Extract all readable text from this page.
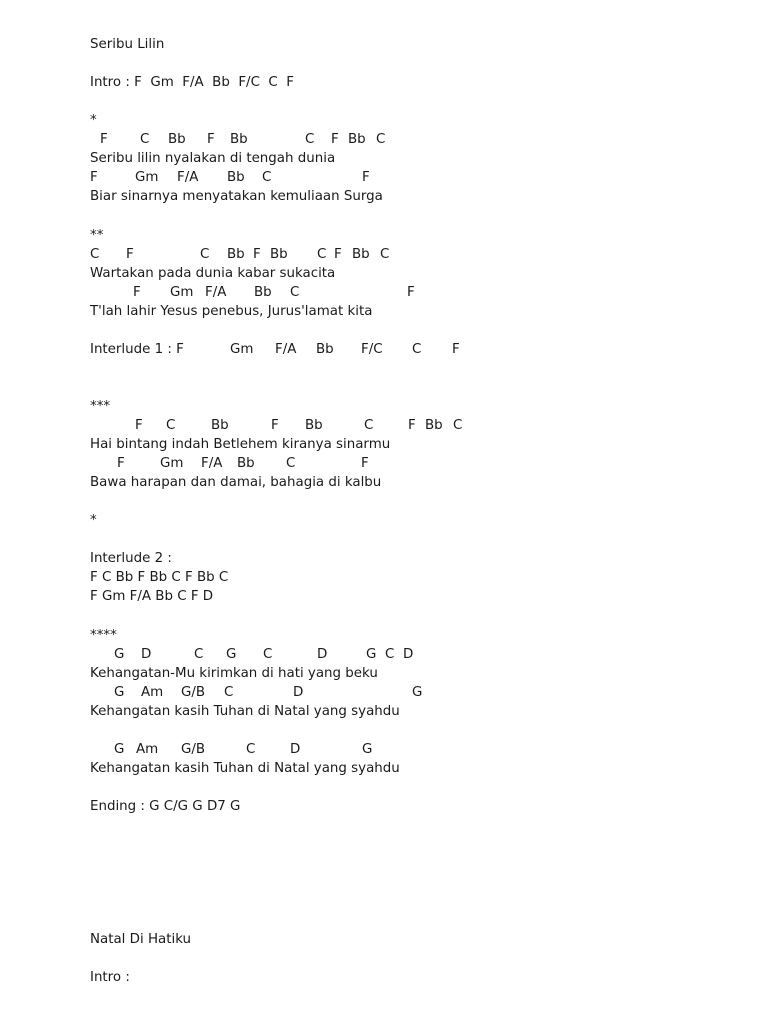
Seribu Lilin
Intro : F  Gm  F/A  Bb  F/C  C  F
*
F C Bb F Bb	C F Bb C
Seribu lilin nyalakan di tengah dunia
F	Gm F/A Bb C	F
Biar sinarnya menyatakan kemuliaan Surga
**
C F	C Bb F Bb C F Bb C
Wartakan pada dunia kabar sukacita
F Gm F/A Bb C	F
T'lah lahir Yesus penebus, Jurus'lamat kita
Interlude 1 : F	Gm F/A Bb F/C C F
***
F C	Bb	F Bb	C	F Bb C
Hai bintang indah Betlehem kiranya sinarmu
F	Gm F/A Bb C	F
Bawa harapan dan damai, bahagia di kalbu
*
Interlude 2 :
F C Bb F Bb C F Bb C
F Gm F/A Bb C F D
****
G D	C G C	D	G C D
Kehangatan-Mu kirimkan di hati yang beku
G Am G/B C	D	G
Kehangatan kasih Tuhan di Natal yang syahdu
G Am G/B	C	D	G
Kehangatan kasih Tuhan di Natal yang syahdu
Ending : G C/G G D7 G
Natal Di Hatiku
Intro :
